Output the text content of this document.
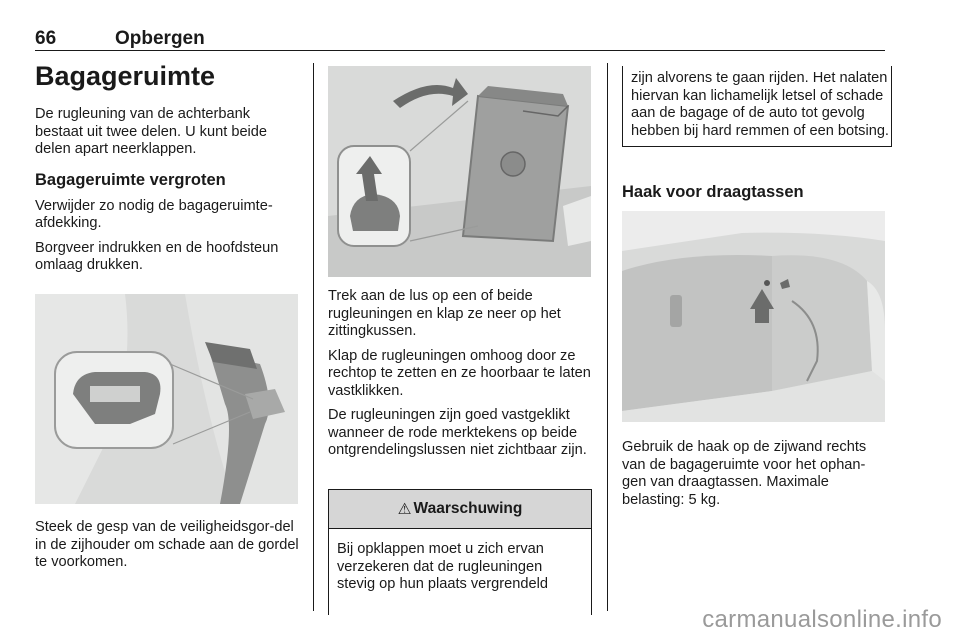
66	Opbergen
Bagageruimte

De rugleuning van de achterbank bestaat uit twee delen. U kunt beide delen apart neerklappen.

Bagageruimte vergroten

Verwijder zo nodig de bagageruimte-afdekking.

Borgveer indrukken en de hoofdsteun omlaag drukken.

Steek de gesp van de veiligheidsgor-del in de zijhouder om schade aan de gordel te voorkomen.

Trek aan de lus op een of beide rugleuningen en klap ze neer op het zittingkussen.

Klap de rugleuningen omhoog door ze rechtop te zetten en ze hoorbaar te laten vastklikken.

De rugleuningen zijn goed vastgeklikt wanneer de rode merktekens op beide ontgrendelingslussen niet zichtbaar zijn.

⚠ Waarschuwing

Bij opklappen moet u zich ervan verzekeren dat de rugleuningen stevig op hun plaats vergrendeld

zijn alvorens te gaan rijden. Het nalaten hiervan kan lichamelijk letsel of schade aan de bagage of de auto tot gevolg hebben bij hard remmen of een botsing.

Haak voor draagtassen

Gebruik de haak op de zijwand rechts van de bagageruimte voor het ophan-gen van draagtassen. Maximale belasting: 5 kg.

carmanualsonline.info
